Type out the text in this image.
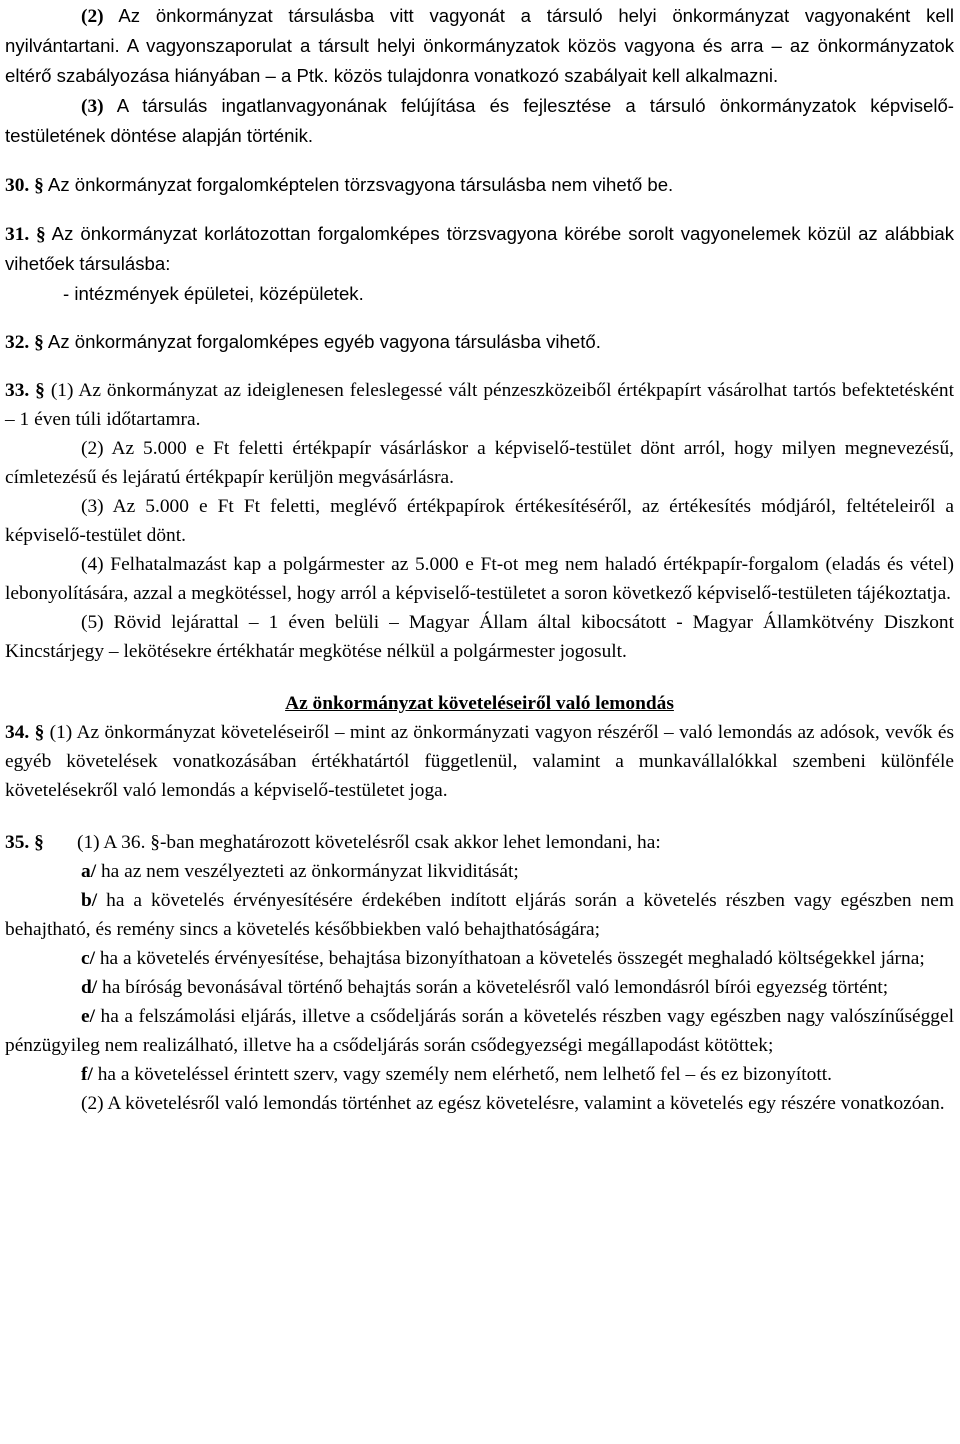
(2) Az önkormányzat társulásba vitt vagyonát a társuló helyi önkormányzat vagyonaként kell nyilvántartani. A vagyonszaporulat a társult helyi önkormányzatok közös vagyona és arra – az önkormányzatok eltérő szabályozása hiányában – a Ptk. közös tulajdonra vonatkozó szabályait kell alkalmazni.

(3) A társulás ingatlanvagyonának felújítása és fejlesztése a társuló önkormányzatok képviselő-testületének döntése alapján történik.

30. § Az önkormányzat forgalomképtelen törzsvagyona társulásba nem vihető be.

31. § Az önkormányzat korlátozottan forgalomképes törzsvagyona körébe sorolt vagyonelemek közül az alábbiak vihetőek társulásba:

- intézmények épületei, középületek.

32. § Az önkormányzat forgalomképes egyéb vagyona társulásba vihető.

33. § (1) Az önkormányzat az ideiglenesen feleslegessé vált pénzeszközeiből értékpapírt vásárolhat tartós befektetésként – 1 éven túli időtartamra.

(2) Az 5.000 e Ft feletti értékpapír vásárláskor a képviselő-testület dönt arról, hogy milyen megnevezésű, címletezésű és lejáratú értékpapír kerüljön megvásárlásra.

(3) Az 5.000 e Ft Ft feletti, meglévő értékpapírok értékesítéséről, az értékesítés módjáról, feltételeiről a képviselő-testület dönt.

(4) Felhatalmazást kap a polgármester az 5.000 e Ft-ot meg nem haladó értékpapír-forgalom (eladás és vétel) lebonyolítására, azzal a megkötéssel, hogy arról a képviselő-testületet a soron következő képviselő-testületen tájékoztatja.

(5) Rövid lejárattal – 1 éven belüli – Magyar Állam által kibocsátott - Magyar Államkötvény Diszkont Kincstárjegy – lekötésekre értékhatár megkötése nélkül a polgármester jogosult.

Az önkormányzat követeléseiről való lemondás

34. § (1) Az önkormányzat követeléseiről – mint az önkormányzati vagyon részéről – való lemondás az adósok, vevők és egyéb követelések vonatkozásában értékhatártól függetlenül, valamint a munkavállalókkal szembeni különféle követelésekről való lemondás a képviselő-testületet joga.

35. § (1) A 36. §-ban meghatározott követelésről csak akkor lehet lemondani, ha:

a/ ha az nem veszélyezteti az önkormányzat likviditását;

b/ ha a követelés érvényesítésére érdekében indított eljárás során a követelés részben vagy egészben nem behajtható, és remény sincs a követelés későbbiekben való behajthatóságára;

c/ ha a követelés érvényesítése, behajtása bizonyíthatoan a követelés összegét meghaladó költségekkel járna;

d/ ha bíróság bevonásával történő behajtás során a követelésről való lemondásról bírói egyezség történt;

e/ ha a felszámolási eljárás, illetve a csődeljárás során a követelés részben vagy egészben nagy valószínűséggel pénzügyileg nem realizálható, illetve ha a csődeljárás során csődegyezségi megállapodást kötöttek;

f/ ha a követeléssel érintett szerv, vagy személy nem elérhető, nem lelhető fel – és ez bizonyított.

(2) A követelésről való lemondás történhet az egész követelésre, valamint a követelés egy részére vonatkozóan.
